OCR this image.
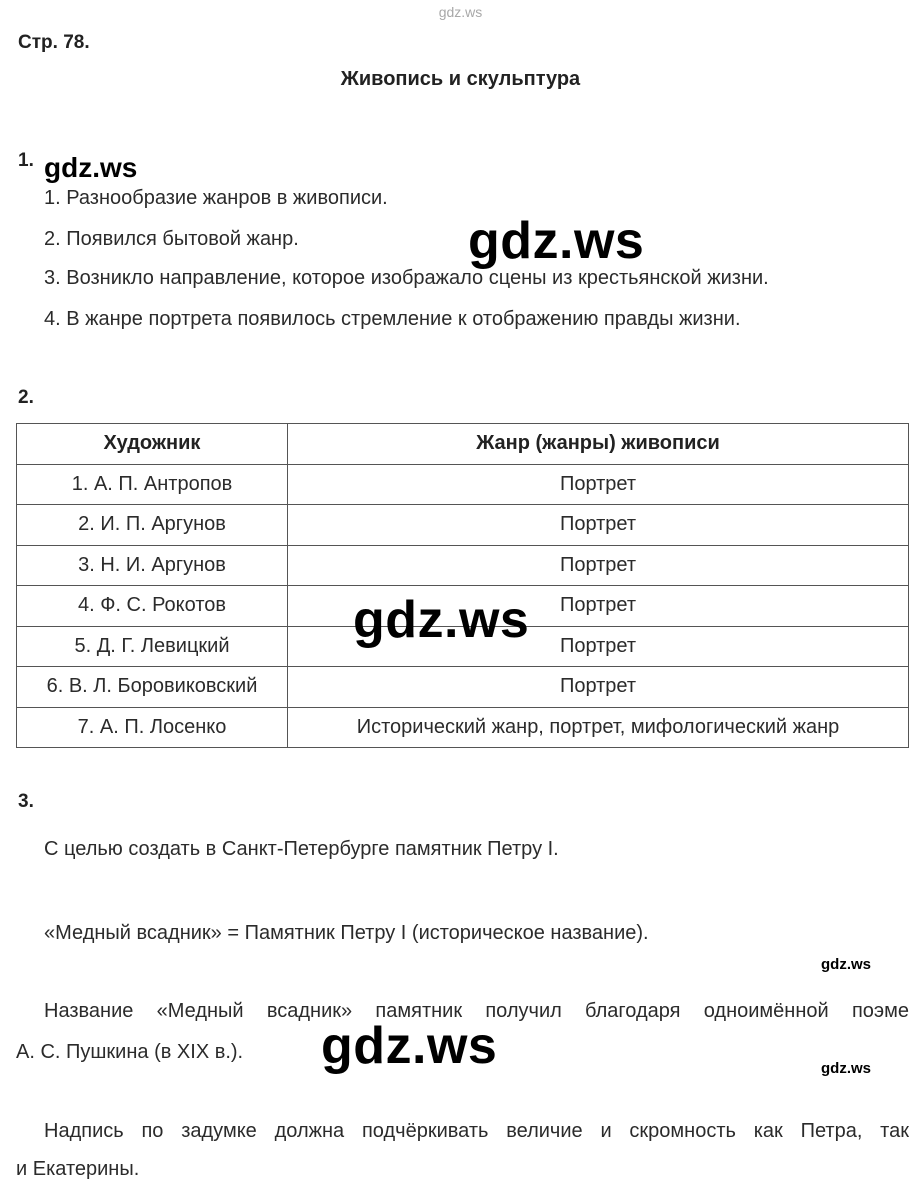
gdz.ws
Стр. 78.
Живопись и скульптура
1. gdz.ws
1. Разнообразие жанров в живописи.
2. Появился бытовой жанр.
3. Возникло направление, которое изображало сцены из крестьянской жизни.
4. В жанре портрета появилось стремление к отображению правды жизни.
gdz.ws
2.
Художник	Жанр (жанры) живописи
1. А. П. Антропов	Портрет
2. И. П. Аргунов	Портрет
3. Н. И. Аргунов	Портрет
4. Ф. С. Рокотов	Портрет
5. Д. Г. Левицкий	Портрет
6. В. Л. Боровиковский	Портрет
7. А. П. Лосенко	Исторический жанр, портрет, мифологический жанр
gdz.ws
3.
С целью создать в Санкт-Петербурге памятник Петру I.
«Медный всадник» = Памятник Петру I (историческое название).
gdz.ws
Название «Медный всадник» памятник получил благодаря одноимённой поэме
А. С. Пушкина (в XIX в.). gdz.ws	gdz.ws
Надпись по задумке должна подчёркивать величие и скромность как Петра, так
и Екатерины.
